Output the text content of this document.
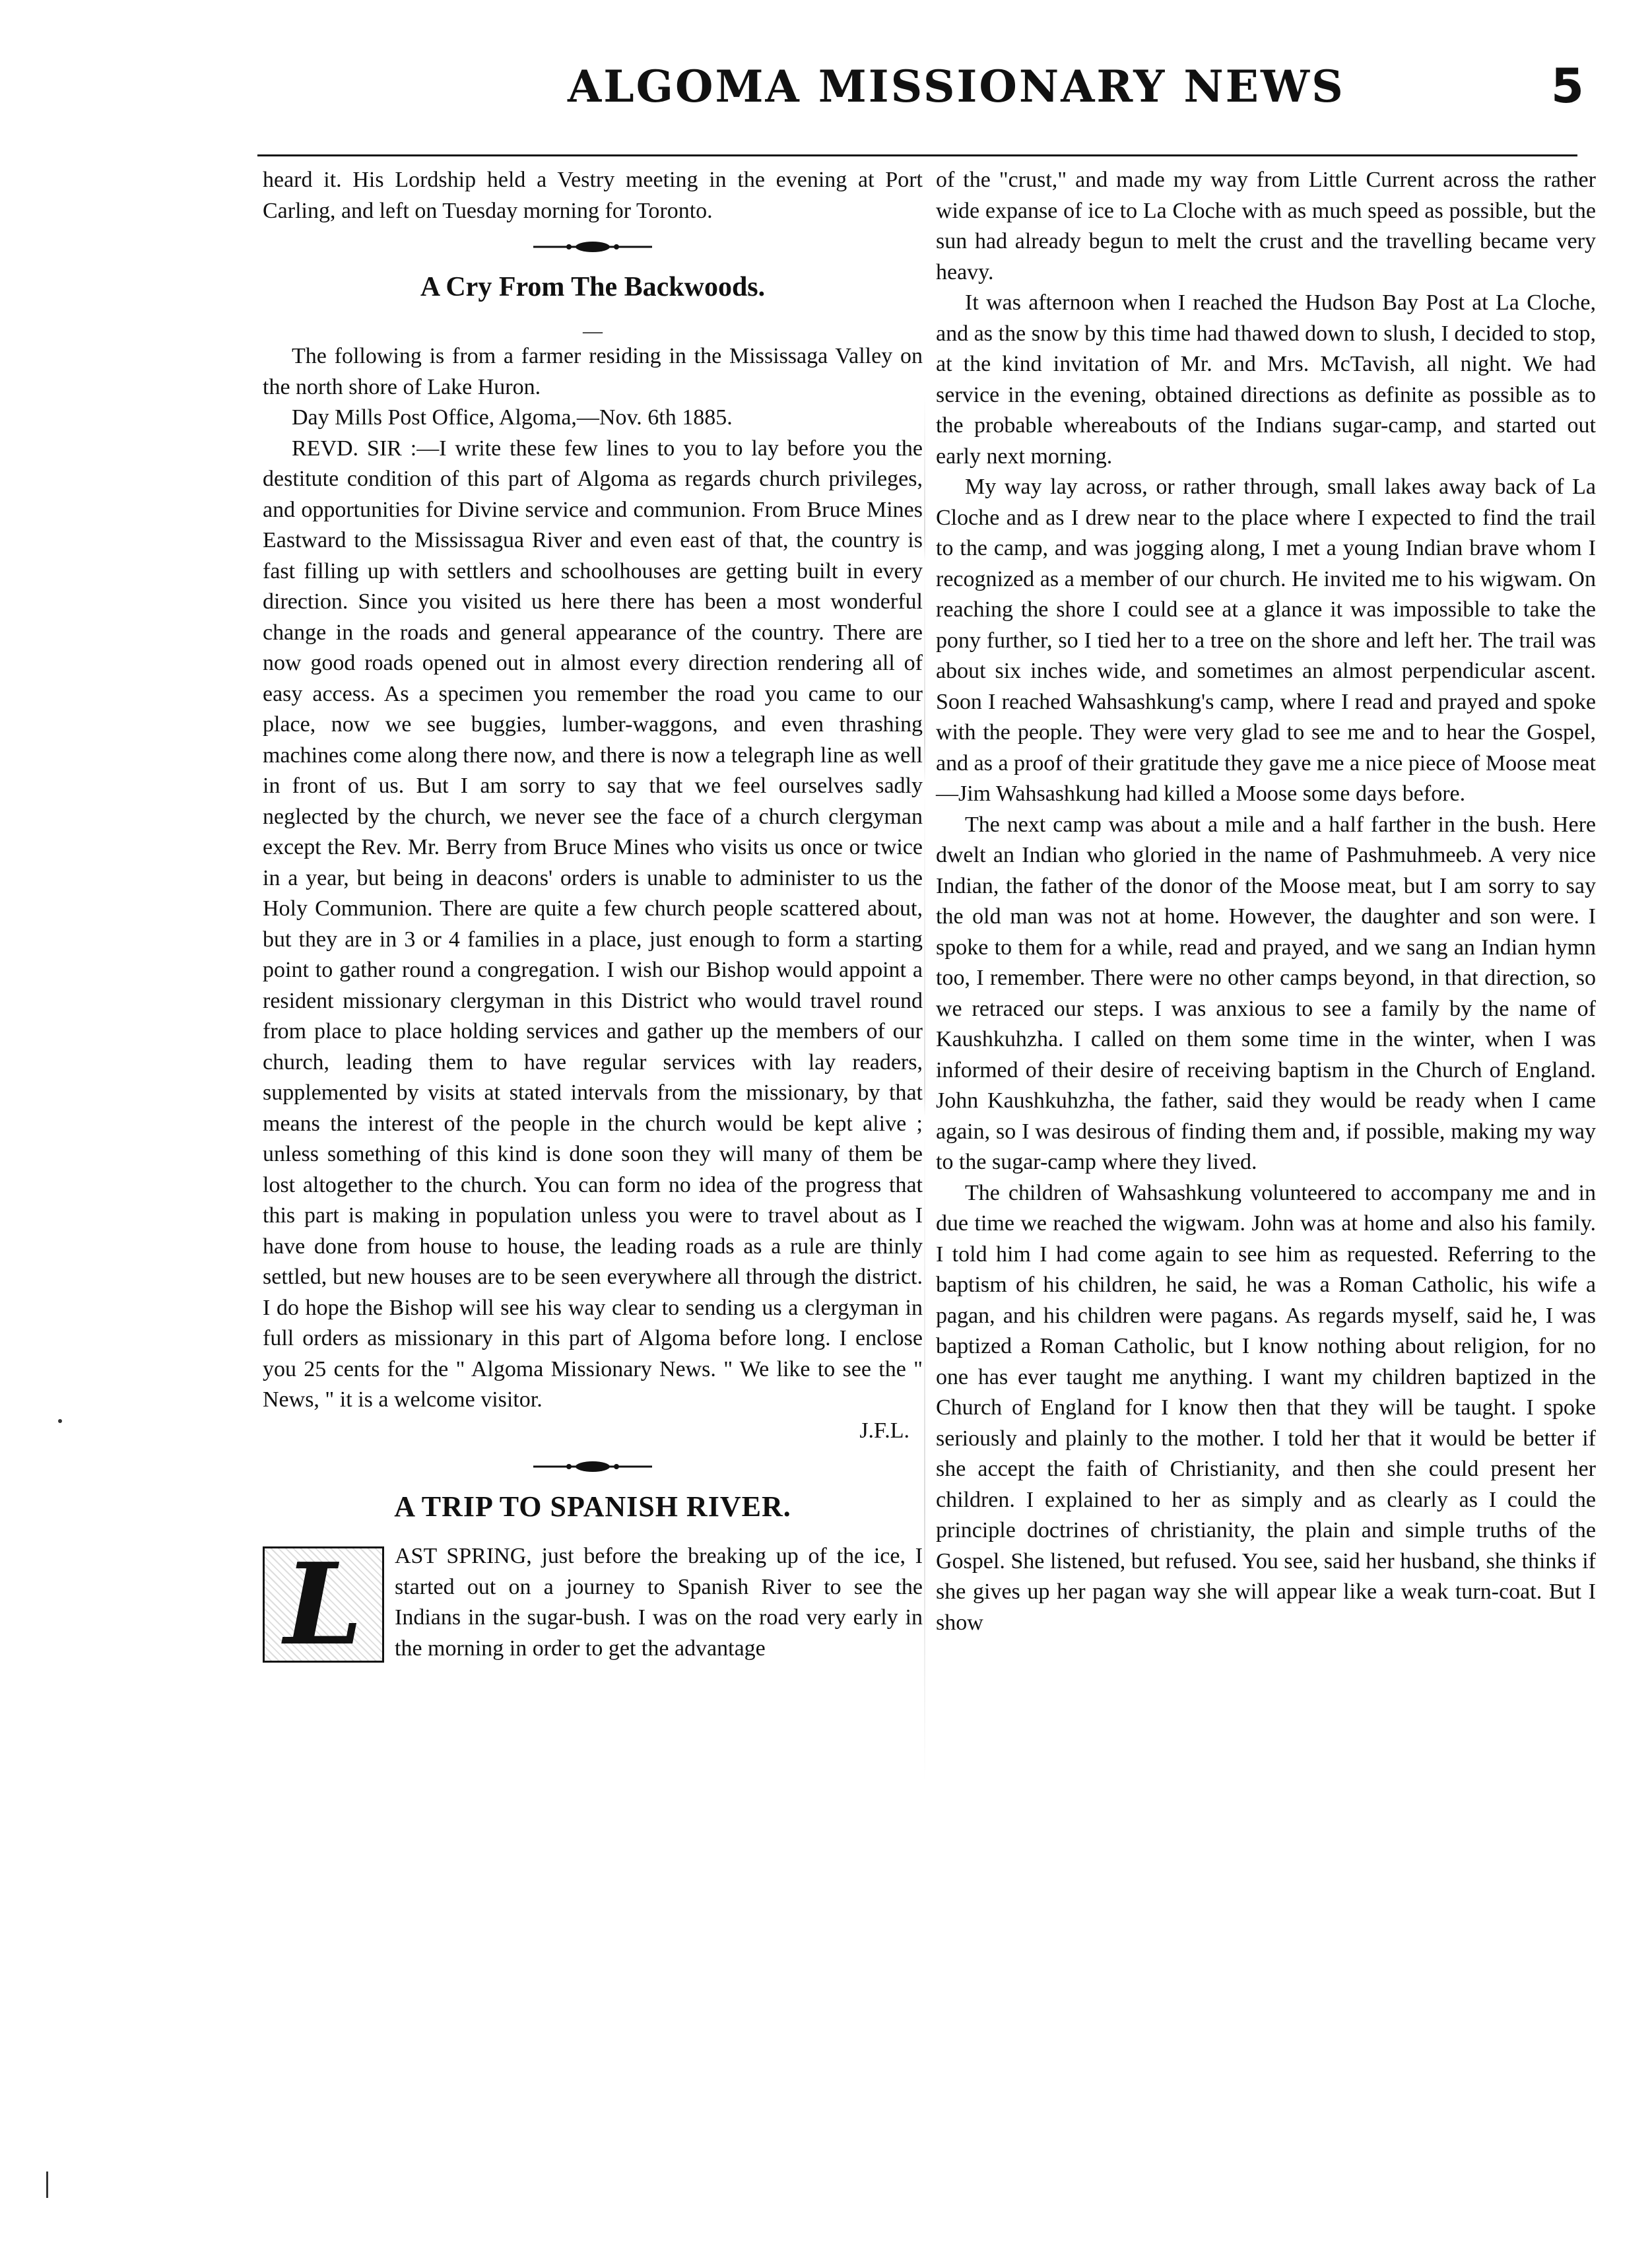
ALGOMA MISSIONARY NEWS	5

heard it. His Lordship held a Vestry meeting in the evening at Port Carling, and left on Tuesday morning for Toronto.

A Cry From The Backwoods.
—

The following is from a farmer residing in the Mississaga Valley on the north shore of Lake Huron.

Day Mills Post Office, Algoma,—Nov. 6th 1885.

REVD. SIR :—I write these few lines to you to lay before you the destitute condition of this part of Algoma as regards church privileges, and opportunities for Divine service and communion. From Bruce Mines Eastward to the Mississagua River and even east of that, the country is fast filling up with settlers and schoolhouses are getting built in every direction. Since you visited us here there has been a most wonderful change in the roads and general appearance of the country. There are now good roads opened out in almost every direction rendering all of easy access. As a specimen you remember the road you came to our place, now we see buggies, lumber-waggons, and even thrashing machines come along there now, and there is now a telegraph line as well in front of us. But I am sorry to say that we feel ourselves sadly neglected by the church, we never see the face of a church clergyman except the Rev. Mr. Berry from Bruce Mines who visits us once or twice in a year, but being in deacons' orders is unable to administer to us the Holy Communion. There are quite a few church people scattered about, but they are in 3 or 4 families in a place, just enough to form a starting point to gather round a congregation. I wish our Bishop would appoint a resident missionary clergyman in this District who would travel round from place to place holding services and gather up the members of our church, leading them to have regular services with lay readers, supplemented by visits at stated intervals from the missionary, by that means the interest of the people in the church would be kept alive ; unless something of this kind is done soon they will many of them be lost altogether to the church. You can form no idea of the progress that this part is making in population unless you were to travel about as I have done from house to house, the leading roads as a rule are thinly settled, but new houses are to be seen everywhere all through the district. I do hope the Bishop will see his way clear to sending us a clergyman in full orders as missionary in this part of Algoma before long. I enclose you 25 cents for the " Algoma Missionary News. " We like to see the " News, " it is a welcome visitor.

J.F.L.

A TRIP TO SPANISH RIVER.

L	AST SPRING, just before the breaking up of the ice, I started out on a journey to Spanish River to see the Indians in the sugar-bush. I was on the road very early in the morning in order to get the advantage

of the "crust," and made my way from Little Current across the rather wide expanse of ice to La Cloche with as much speed as possible, but the sun had already begun to melt the crust and the travelling became very heavy.

It was afternoon when I reached the Hudson Bay Post at La Cloche, and as the snow by this time had thawed down to slush, I decided to stop, at the kind invitation of Mr. and Mrs. McTavish, all night. We had service in the evening, obtained directions as definite as possible as to the probable whereabouts of the Indians sugar-camp, and started out early next morning.

My way lay across, or rather through, small lakes away back of La Cloche and as I drew near to the place where I expected to find the trail to the camp, and was jogging along, I met a young Indian brave whom I recognized as a member of our church. He invited me to his wigwam. On reaching the shore I could see at a glance it was impossible to take the pony further, so I tied her to a tree on the shore and left her. The trail was about six inches wide, and sometimes an almost perpendicular ascent. Soon I reached Wahsashkung's camp, where I read and prayed and spoke with the people. They were very glad to see me and to hear the Gospel, and as a proof of their gratitude they gave me a nice piece of Moose meat —Jim Wahsashkung had killed a Moose some days before.

The next camp was about a mile and a half farther in the bush. Here dwelt an Indian who gloried in the name of Pashmuhmeeb. A very nice Indian, the father of the donor of the Moose meat, but I am sorry to say the old man was not at home. However, the daughter and son were. I spoke to them for a while, read and prayed, and we sang an Indian hymn too, I remember. There were no other camps beyond, in that direction, so we retraced our steps. I was anxious to see a family by the name of Kaushkuhzha. I called on them some time in the winter, when I was informed of their desire of receiving baptism in the Church of England. John Kaushkuhzha, the father, said they would be ready when I came again, so I was desirous of finding them and, if possible, making my way to the sugar-camp where they lived.

The children of Wahsashkung volunteered to accompany me and in due time we reached the wigwam. John was at home and also his family. I told him I had come again to see him as requested. Referring to the baptism of his children, he said, he was a Roman Catholic, his wife a pagan, and his children were pagans. As regards myself, said he, I was baptized a Roman Catholic, but I know nothing about religion, for no one has ever taught me anything. I want my children baptized in the Church of England for I know then that they will be taught. I spoke seriously and plainly to the mother. I told her that it would be better if she accept the faith of Christianity, and then she could present her children. I explained to her as simply and as clearly as I could the principle doctrines of christianity, the plain and simple truths of the Gospel. She listened, but refused. You see, said her husband, she thinks if she gives up her pagan way she will appear like a weak turn-coat. But I show
